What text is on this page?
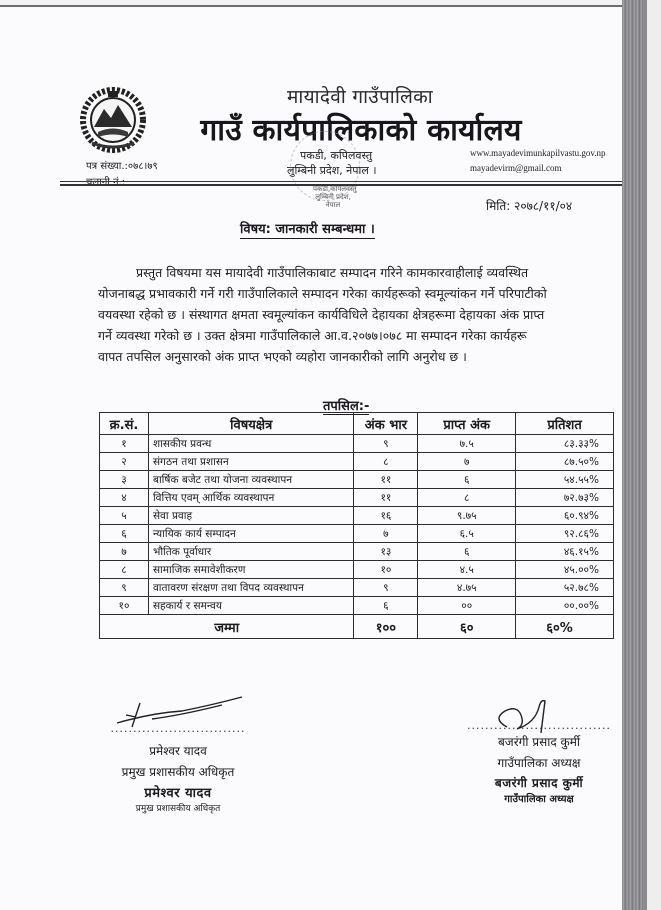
मायादेवी गाउँपालिका
गाउँ कार्यपालिकाको कार्यालय
पत्र संख्या.:०७८।७९
चलानी नं.:
पकडी, कपिलवस्तु
लुम्बिनी प्रदेश, नेपाल ।
पकडी,कपिलवस्तु लुम्बिनी प्रदेश, नेपाल
www.mayadevimunkapilvastu.gov.np
mayadevirm@gmail.com
मिति: २०७८/११/०४
विषय: जानकारी सम्बन्धमा ।
प्रस्तुत विषयमा यस मायादेवी गाउँपालिकाबाट सम्पादन गरिने कामकारवाहीलाई व्यवस्थित
योजनाबद्ध प्रभावकारी गर्ने गरी गाउँपालिकाले सम्पादन गरेका कार्यहरूको स्वमूल्यांकन गर्ने परिपाटीको
वयवस्था रहेको छ । संस्थागत क्षमता स्वमूल्यांकन कार्यविधिले देहायका क्षेत्रहरूमा देहायका अंक प्राप्त
गर्ने व्यवस्था गरेको छ । उक्त क्षेत्रमा गाउँपालिकाले आ.व.२०७७।०७८ मा सम्पादन गरेका कार्यहरू
वापत तपसिल अनुसारको अंक प्राप्त भएको व्यहोरा जानकारीको लागि अनुरोध छ ।
तपसिल:-
क्र.सं.	विषयक्षेत्र	अंक भार	प्राप्त अंक	प्रतिशत
१	शासकीय प्रवन्ध	९	७.५	८३.३३%
२	संगठन तथा प्रशासन	८	७	८७.५०%
३	बार्षिक बजेट तथा योजना व्यवस्थापन	११	६	५४.५५%
४	वित्तिय एवम् आर्थिक व्यवस्थापन	११	८	७२.७३%
५	सेवा प्रवाह	१६	९.७५	६०.९४%
६	न्यायिक कार्य सम्पादन	७	६.५	९२.८६%
७	भौतिक पूर्वाधार	१३	६	४६.१५%
८	सामाजिक समावेशीकरण	१०	४.५	४५.००%
९	वातावरण संरक्षण तथा विपद व्यवस्थापन	९	४.७५	५२.७८%
१०	सहकार्य र समन्वय	६	००	००.००%
जम्मा		१००	६०	६०%
..............................
प्रमेश्वर यादव
प्रमुख प्रशासकीय अधिकृत
प्रमेश्वर यादव
प्रमुख प्रशासकीय अधिकृत
................................
बजरंगी प्रसाद कुर्मी
गाउँपालिका अध्यक्ष
बजरंगी प्रसाद कुर्मी
गाउँपालिका अध्यक्ष
